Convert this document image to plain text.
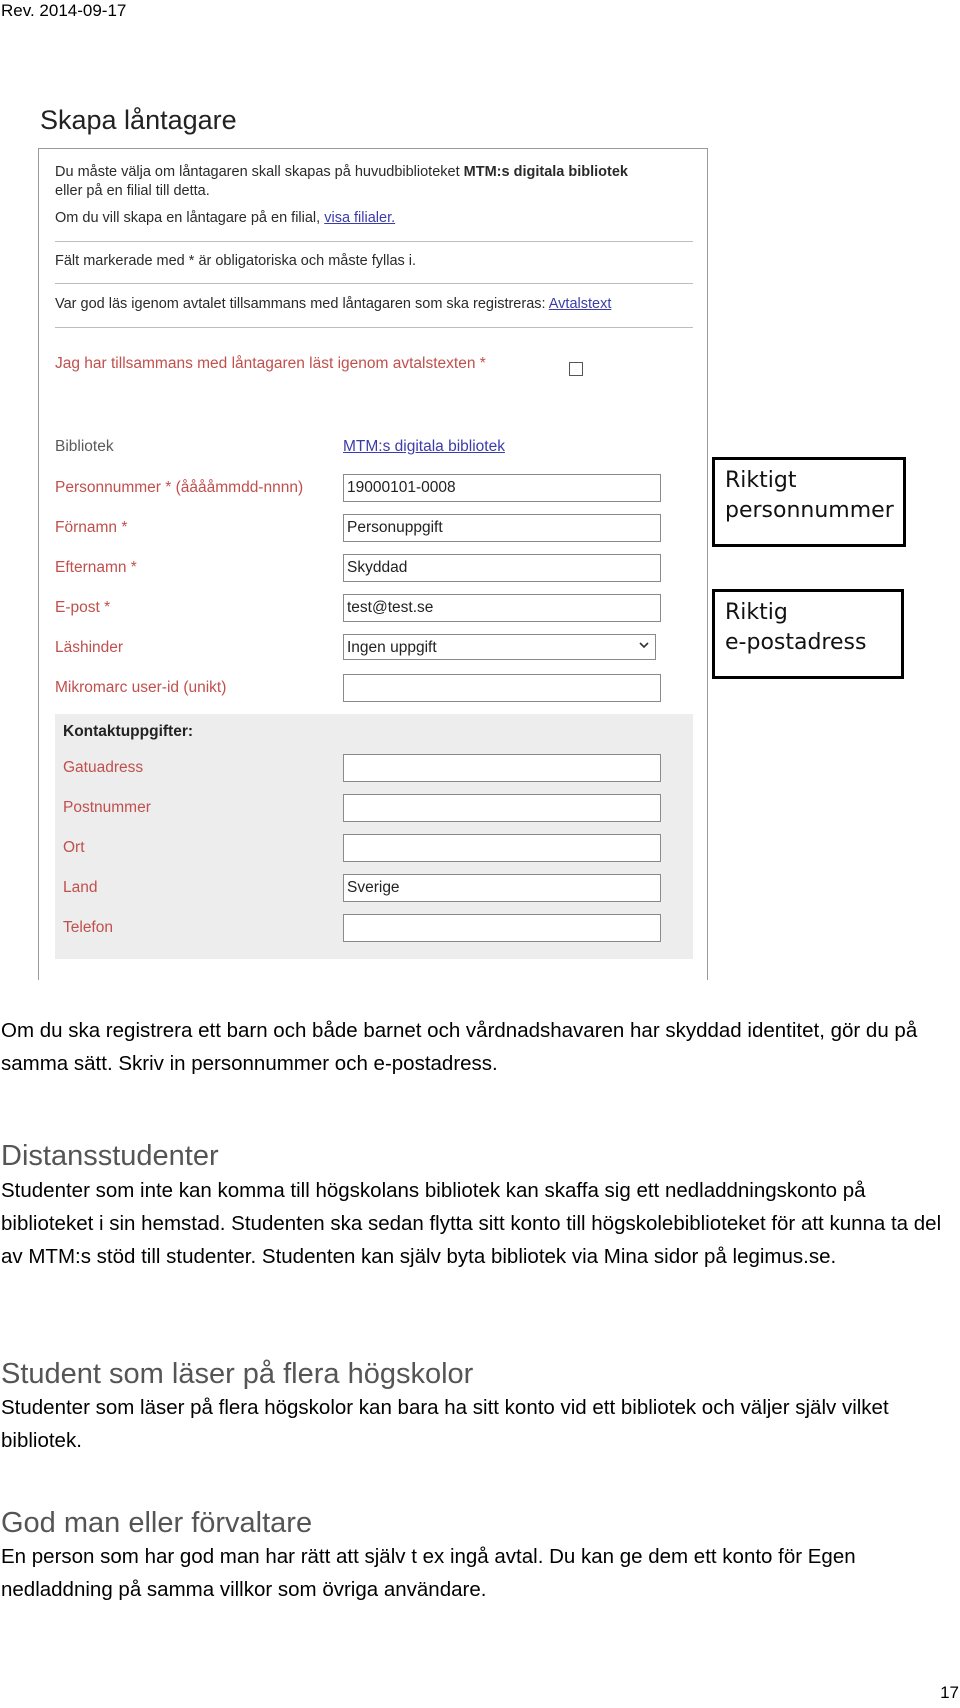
Rev. 2014-09-17
Skapa låntagare
Du måste välja om låntagaren skall skapas på huvudbiblioteket MTM:s digitala bibliotek
eller på en filial till detta.
Om du vill skapa en låntagare på en filial, visa filialer.
Fält markerade med * är obligatoriska och måste fyllas i.
Var god läs igenom avtalet tillsammans med låntagaren som ska registreras: Avtalstext
Jag har tillsammans med låntagaren läst igenom avtalstexten *
Bibliotek	MTM:s digitala bibliotek
Personnummer * (ååååmmdd-nnnn)	19000101-0008
Förnamn *	Personuppgift
Efternamn *	Skyddad
E-post *	test@test.se
Läshinder	Ingen uppgift
Mikromarc user-id (unikt)
Kontaktuppgifter:
Gatuadress
Postnummer
Ort
Land	Sverige
Telefon
Riktigt
personnummer
Riktig
e-postadress
Om du ska registrera ett barn och både barnet och vårdnadshavaren har skyddad identitet, gör du på samma sätt. Skriv in personnummer och e-postadress.
Distansstudenter
Studenter som inte kan komma till högskolans bibliotek kan skaffa sig ett nedladdningskonto på biblioteket i sin hemstad. Studenten ska sedan flytta sitt konto till högskolebiblioteket för att kunna ta del av MTM:s stöd till studenter. Studenten kan själv byta bibliotek via Mina sidor på legimus.se.
Student som läser på flera högskolor
Studenter som läser på flera högskolor kan bara ha sitt konto vid ett bibliotek och väljer själv vilket bibliotek.
God man eller förvaltare
En person som har god man har rätt att själv t ex ingå avtal. Du kan ge dem ett konto för Egen nedladdning på samma villkor som övriga användare.
17
